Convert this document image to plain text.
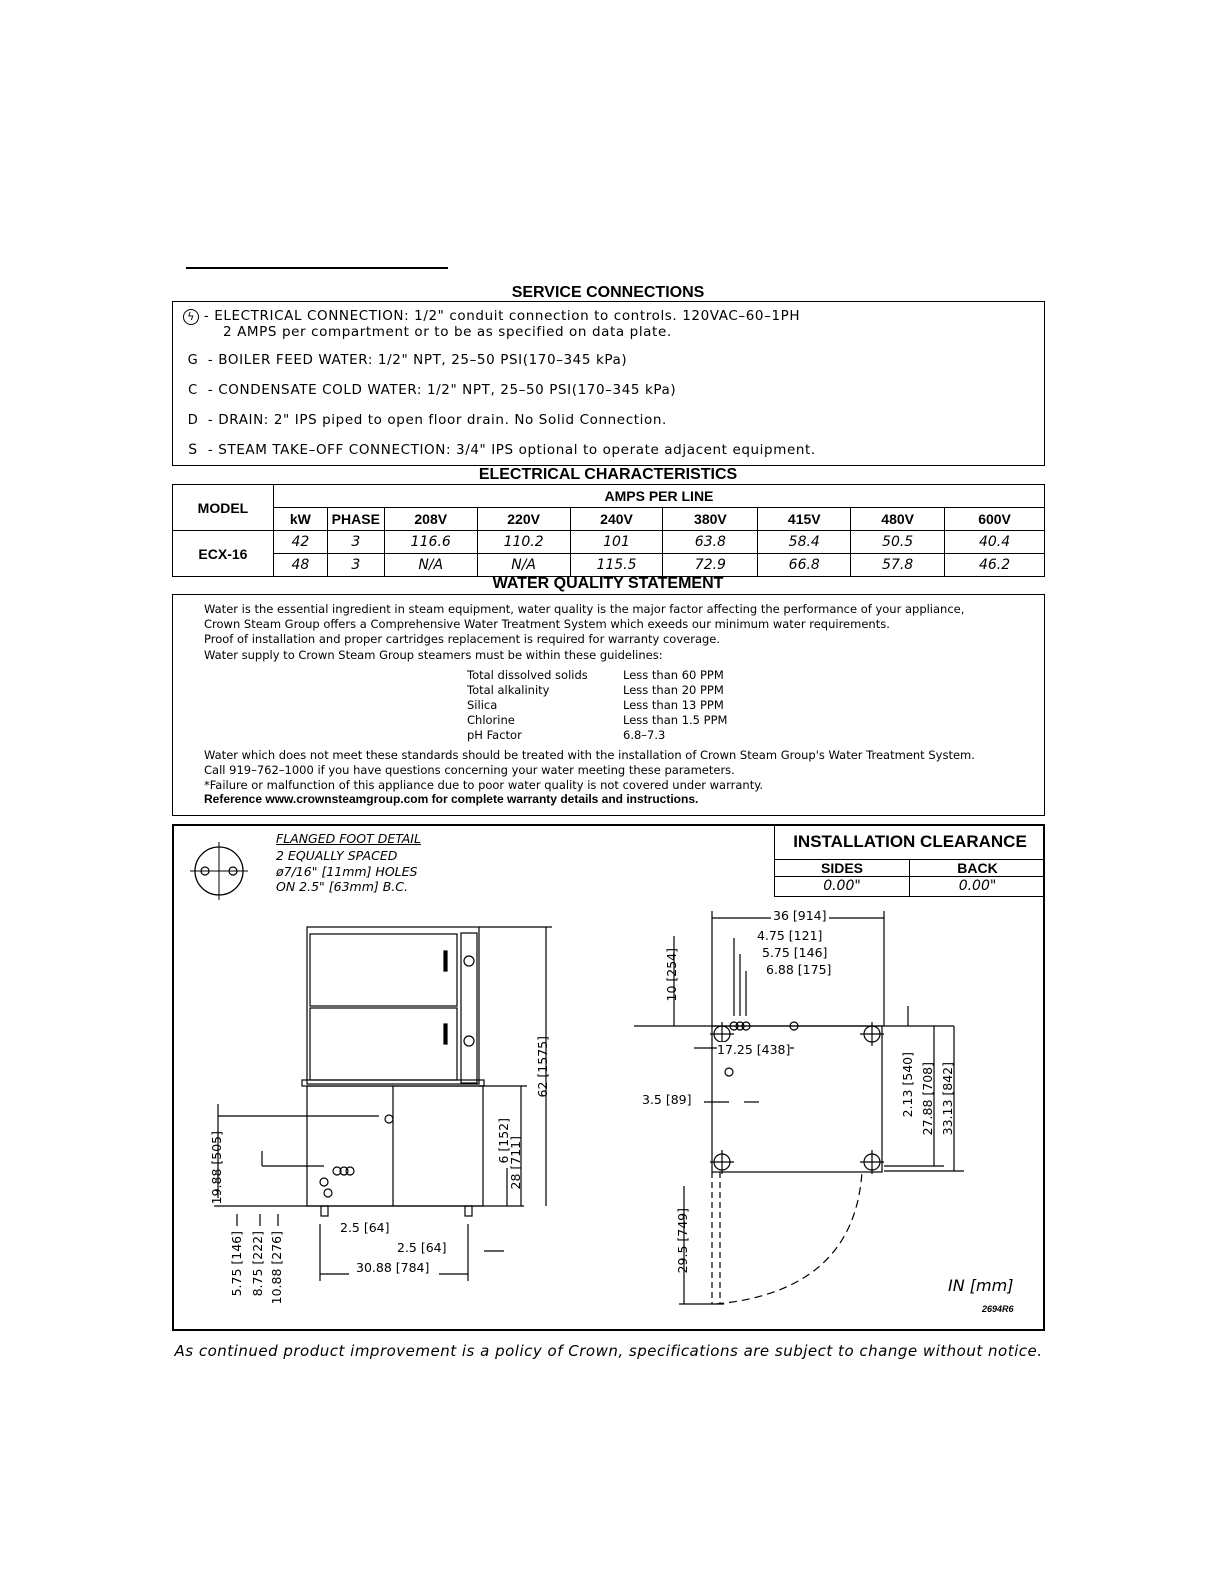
SERVICE CONNECTIONS
ϟ - ELECTRICAL CONNECTION: 1/2" conduit connection to controls. 120VAC–60–1PH
2 AMPS per compartment or to be as specified on data plate.
G - BOILER FEED WATER: 1/2" NPT, 25–50 PSI(170–345 kPa)
C - CONDENSATE COLD WATER: 1/2" NPT, 25–50 PSI(170–345 kPa)
D - DRAIN: 2" IPS piped to open floor drain. No Solid Connection.
S - STEAM TAKE–OFF CONNECTION: 3/4" IPS optional to operate adjacent equipment.
ELECTRICAL CHARACTERISTICS
MODEL	AMPS PER LINE								
	kW	PHASE	208V	220V	240V	380V	415V	480V	600V
ECX-16	42	3	116.6	110.2	101	63.8	58.4	50.5	40.4
	48	3	N/A	N/A	115.5	72.9	66.8	57.8	46.2
WATER QUALITY STATEMENT
Water is the essential ingredient in steam equipment, water quality is the major factor affecting the performance of your appliance,
Crown Steam Group offers a Comprehensive Water Treatment System which exeeds our minimum water requirements.
Proof of installation and proper cartridges replacement is required for warranty coverage.
Water supply to Crown Steam Group steamers must be within these guidelines:
Total dissolved solids	Less than 60 PPM
Total alkalinity	Less than 20 PPM
Silica	Less than 13 PPM
Chlorine	Less than 1.5 PPM
pH Factor	6.8–7.3
Water which does not meet these standards should be treated with the installation of Crown Steam Group's Water Treatment System.
Call 919–762–1000 if you have questions concerning your water meeting these parameters.
*Failure or malfunction of this appliance due to poor water quality is not covered under warranty.
Reference www.crownsteamgroup.com for complete warranty details and instructions.
FLANGED FOOT DETAIL
2 EQUALLY SPACED
ø7/16" [11mm] HOLES
ON 2.5" [63mm] B.C.
INSTALLATION CLEARANCE
SIDES	BACK
0.00"	0.00"
62 [1575]
28 [711]
6 [152]
19.88 [505]
5.75 [146] 8.75 [222] 10.88 [276]
2.5 [64]
2.5 [64]
30.88 [784]
36 [914]
4.75 [121]
5.75 [146]
6.88 [175]
10 [254]
17.25 [438]
3.5 [89]	2.13 [540] 27.88 [708] 33.13 [842]
29.5 [749]
IN [mm]
2694R6
As continued product improvement is a policy of Crown, specifications are subject to change without notice.
